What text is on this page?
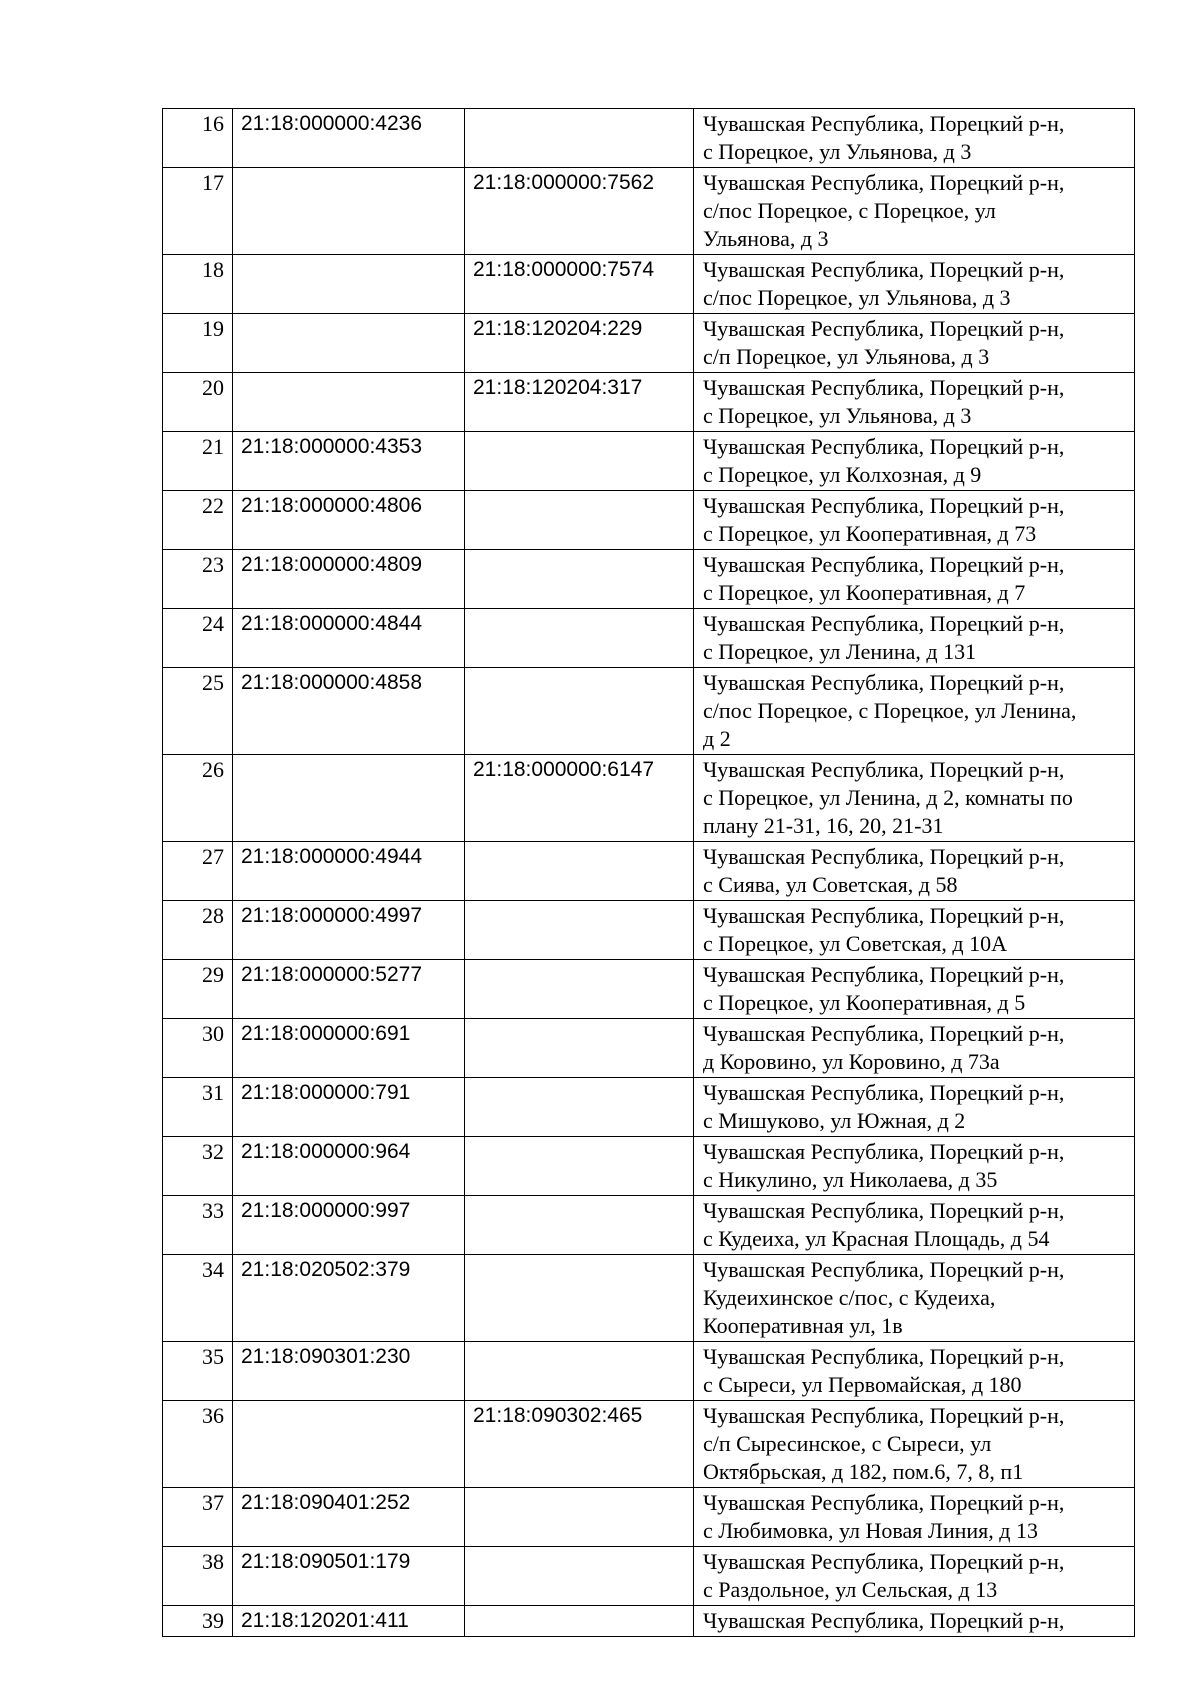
16	21:18:000000:4236		Чувашская Республика, Порецкий р-н,
с Порецкое, ул Ульянова, д 3

17		21:18:000000:7562	Чувашская Республика, Порецкий р-н,
с/пос Порецкое, с Порецкое, ул
Ульянова, д 3

18		21:18:000000:7574	Чувашская Республика, Порецкий р-н,
с/пос Порецкое, ул Ульянова, д 3

19		21:18:120204:229	Чувашская Республика, Порецкий р-н,
с/п Порецкое, ул Ульянова, д 3

20		21:18:120204:317	Чувашская Республика, Порецкий р-н,
с Порецкое, ул Ульянова, д 3

21	21:18:000000:4353		Чувашская Республика, Порецкий р-н,
с Порецкое, ул Колхозная, д 9

22	21:18:000000:4806		Чувашская Республика, Порецкий р-н,
с Порецкое, ул Кооперативная, д 73

23	21:18:000000:4809		Чувашская Республика, Порецкий р-н,
с Порецкое, ул Кооперативная, д 7

24	21:18:000000:4844		Чувашская Республика, Порецкий р-н,
с Порецкое, ул Ленина, д 131

25	21:18:000000:4858		Чувашская Республика, Порецкий р-н,
с/пос Порецкое, с Порецкое, ул Ленина,
д 2

26		21:18:000000:6147	Чувашская Республика, Порецкий р-н,
с Порецкое, ул Ленина, д 2, комнаты по
плану 21-31, 16, 20, 21-31

27	21:18:000000:4944		Чувашская Республика, Порецкий р-н,
с Сиява, ул Советская, д 58

28	21:18:000000:4997		Чувашская Республика, Порецкий р-н,
с Порецкое, ул Советская, д 10А

29	21:18:000000:5277		Чувашская Республика, Порецкий р-н,
с Порецкое, ул Кооперативная, д 5

30	21:18:000000:691		Чувашская Республика, Порецкий р-н,
д Коровино, ул Коровино, д 73а

31	21:18:000000:791		Чувашская Республика, Порецкий р-н,
с Мишуково, ул Южная, д 2

32	21:18:000000:964		Чувашская Республика, Порецкий р-н,
с Никулино, ул Николаева, д 35

33	21:18:000000:997		Чувашская Республика, Порецкий р-н,
с Кудеиха, ул Красная Площадь, д 54

34	21:18:020502:379		Чувашская Республика, Порецкий р-н,
Кудеихинское с/пос, с Кудеиха,
Кооперативная ул, 1в

35	21:18:090301:230		Чувашская Республика, Порецкий р-н,
с Сыреси, ул Первомайская, д 180

36		21:18:090302:465	Чувашская Республика, Порецкий р-н,
с/п Сыресинское, с Сыреси, ул
Октябрьская, д 182, пом.6, 7, 8, п1

37	21:18:090401:252		Чувашская Республика, Порецкий р-н,
с Любимовка, ул Новая Линия, д 13

38	21:18:090501:179		Чувашская Республика, Порецкий р-н,
с Раздольное, ул Сельская, д 13

39	21:18:120201:411		Чувашская Республика, Порецкий р-н,
